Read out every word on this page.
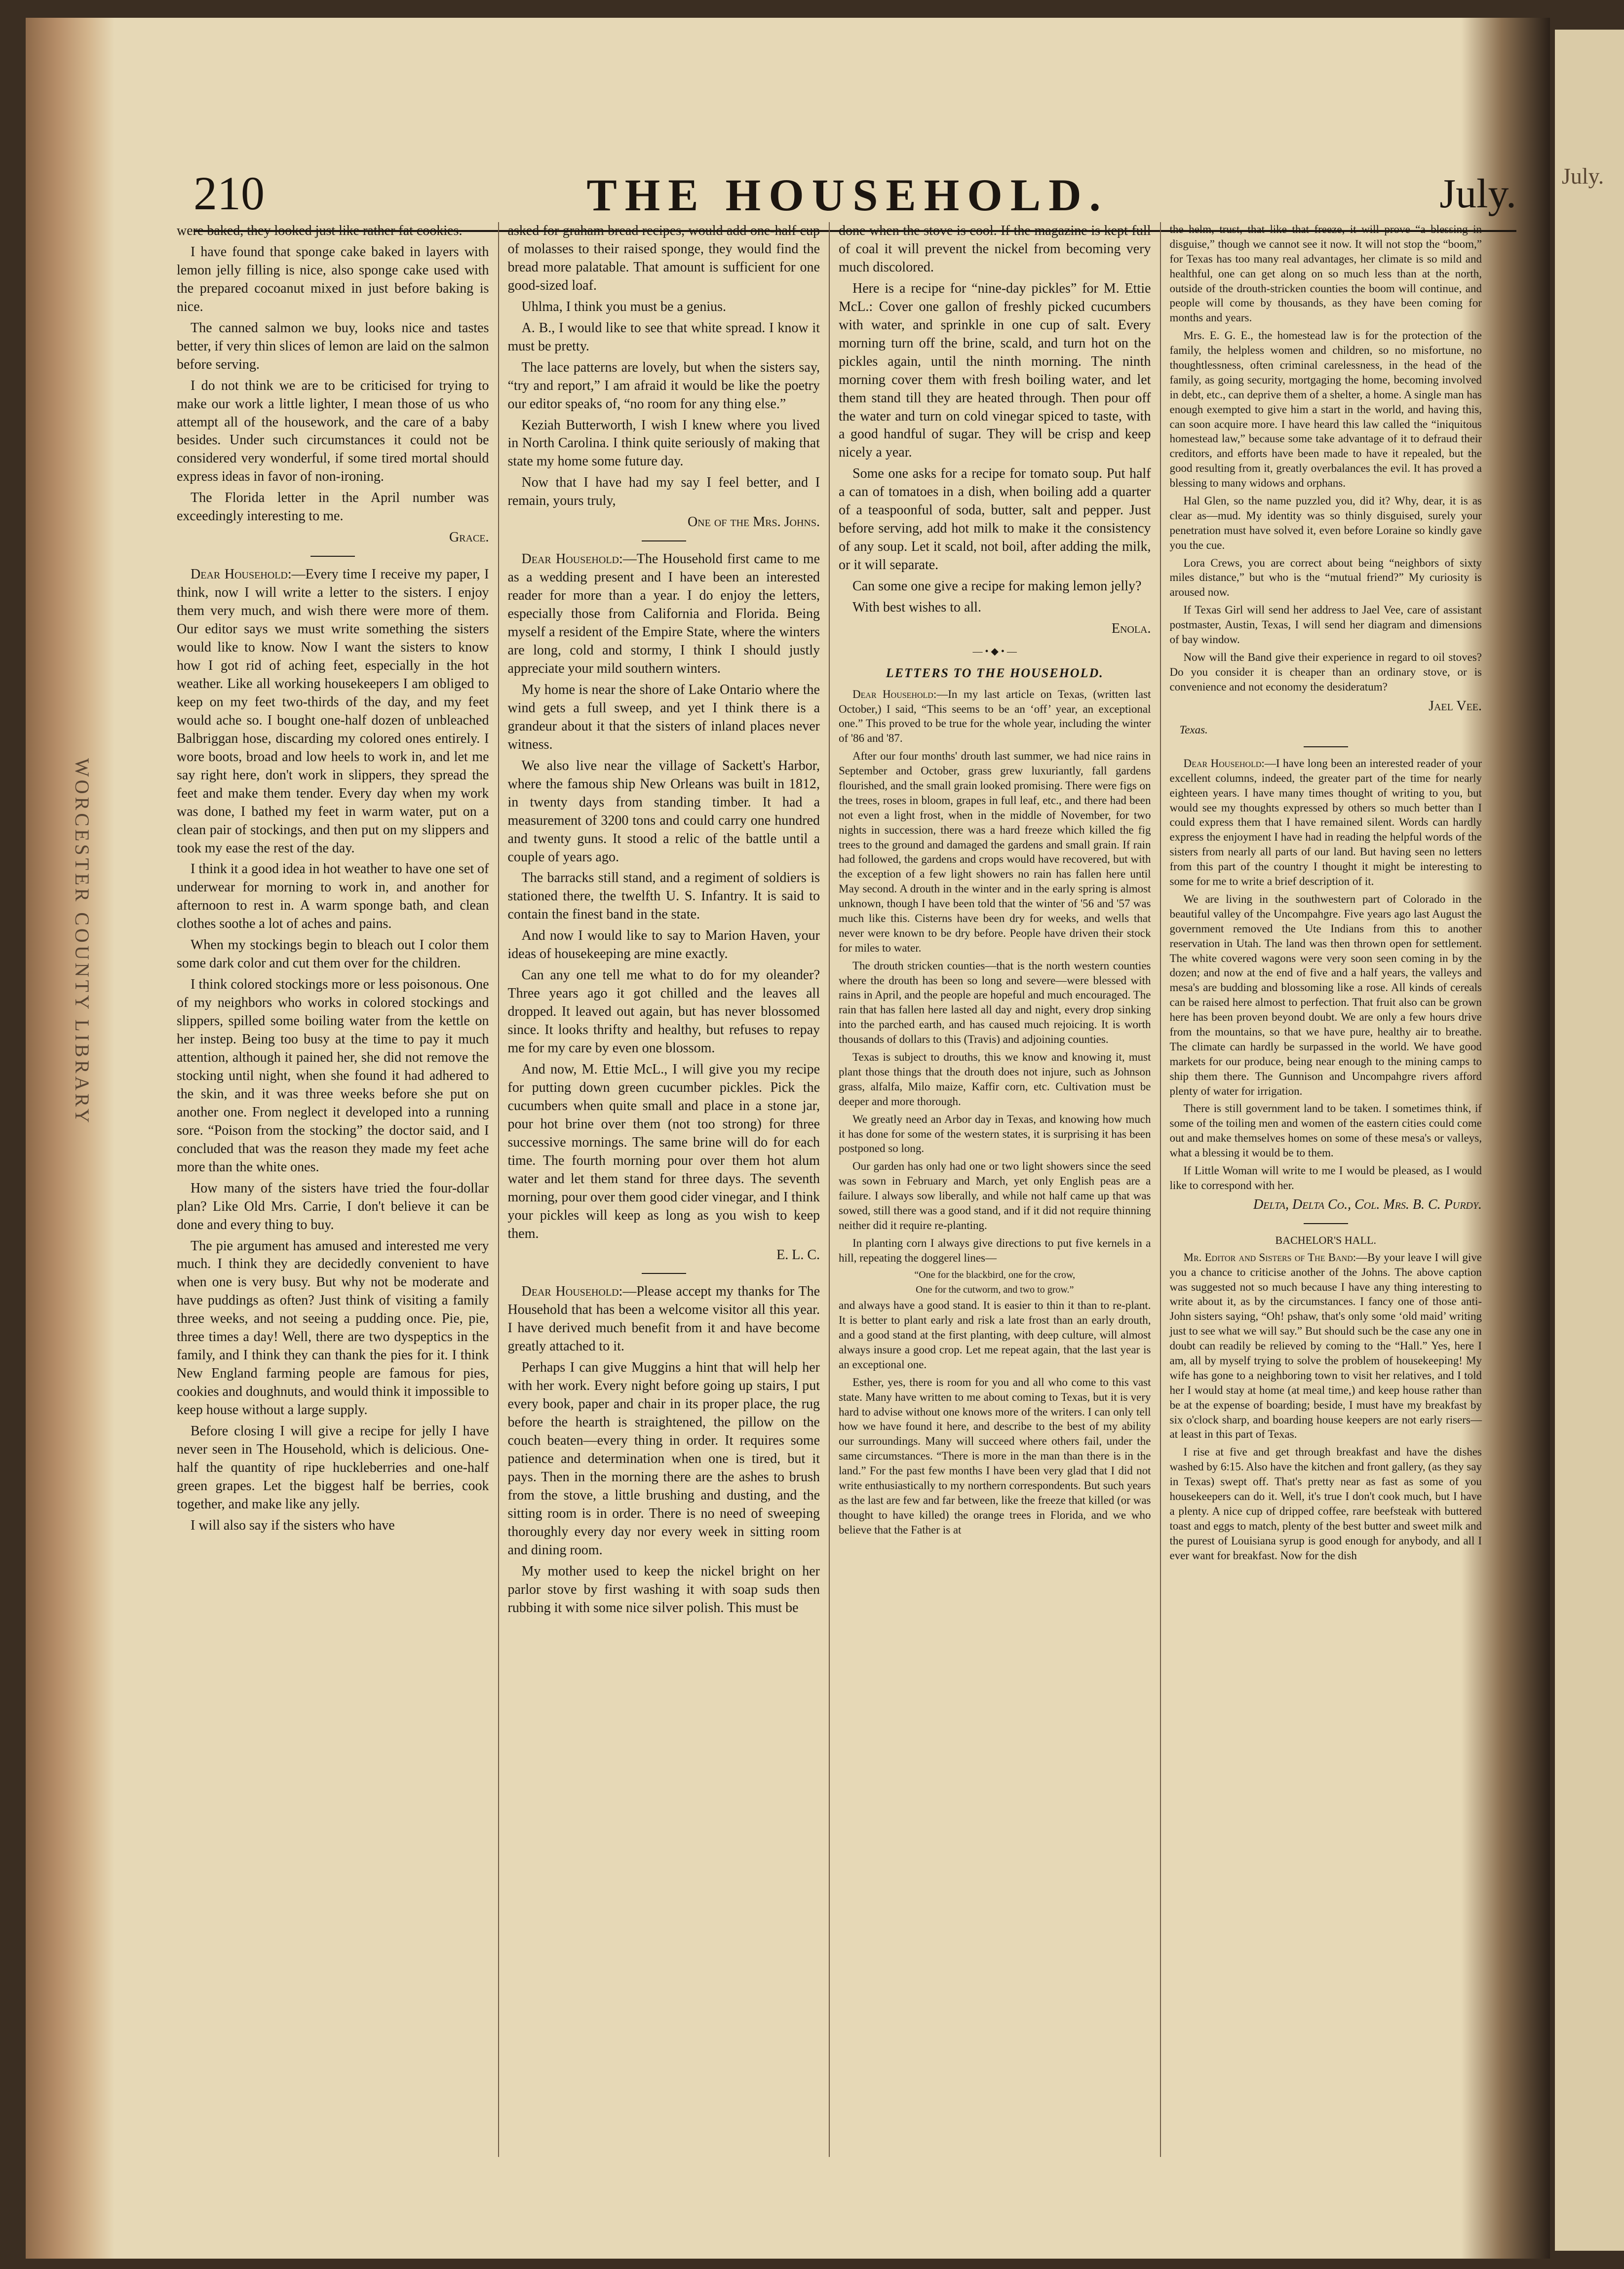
WORCESTER COUNTY LIBRARY
210	THE HOUSEHOLD.	July. July.

were baked, they looked just like rather fat cookies.

I have found that sponge cake baked in layers with lemon jelly filling is nice, also sponge cake used with the prepared cocoanut mixed in just before baking is nice.

The canned salmon we buy, looks nice and tastes better, if very thin slices of lemon are laid on the salmon before serving.

I do not think we are to be criticised for trying to make our work a little lighter, I mean those of us who attempt all of the housework, and the care of a baby besides. Under such circumstances it could not be considered very wonderful, if some tired mortal should express ideas in favor of non-ironing.

The Florida letter in the April number was exceedingly interesting to me.

Grace.

Dear Household:—Every time I receive my paper, I think, now I will write a letter to the sisters. I enjoy them very much, and wish there were more of them. Our editor says we must write something the sisters would like to know. Now I want the sisters to know how I got rid of aching feet, especially in the hot weather. Like all working housekeepers I am obliged to keep on my feet two-thirds of the day, and my feet would ache so. I bought one-half dozen of unbleached Balbriggan hose, discarding my colored ones entirely. I wore boots, broad and low heels to work in, and let me say right here, don't work in slippers, they spread the feet and make them tender. Every day when my work was done, I bathed my feet in warm water, put on a clean pair of stockings, and then put on my slippers and took my ease the rest of the day.

I think it a good idea in hot weather to have one set of underwear for morning to work in, and another for afternoon to rest in. A warm sponge bath, and clean clothes soothe a lot of aches and pains.

When my stockings begin to bleach out I color them some dark color and cut them over for the children.

I think colored stockings more or less poisonous. One of my neighbors who works in colored stockings and slippers, spilled some boiling water from the kettle on her instep. Being too busy at the time to pay it much attention, although it pained her, she did not remove the stocking until night, when she found it had adhered to the skin, and it was three weeks before she put on another one. From neglect it developed into a running sore. “Poison from the stocking” the doctor said, and I concluded that was the reason they made my feet ache more than the white ones.

How many of the sisters have tried the four-dollar plan? Like Old Mrs. Carrie, I don't believe it can be done and every thing to buy.

The pie argument has amused and interested me very much. I think they are decidedly convenient to have when one is very busy. But why not be moderate and have puddings as often? Just think of visiting a family three weeks, and not seeing a pudding once. Pie, pie, three times a day! Well, there are two dyspeptics in the family, and I think they can thank the pies for it. I think New England farming people are famous for pies, cookies and doughnuts, and would think it impossible to keep house without a large supply.

Before closing I will give a recipe for jelly I have never seen in The Household, which is delicious. One-half the quantity of ripe huckleberries and one-half green grapes. Let the biggest half be berries, cook together, and make like any jelly.

I will also say if the sisters who have

asked for graham bread recipes, would add one-half cup of molasses to their raised sponge, they would find the bread more palatable. That amount is sufficient for one good-sized loaf.

Uhlma, I think you must be a genius.

A. B., I would like to see that white spread. I know it must be pretty.

The lace patterns are lovely, but when the sisters say, “try and report,” I am afraid it would be like the poetry our editor speaks of, “no room for any thing else.”

Keziah Butterworth, I wish I knew where you lived in North Carolina. I think quite seriously of making that state my home some future day.

Now that I have had my say I feel better, and I remain, yours truly,

One of the Mrs. Johns.

Dear Household:—The Household first came to me as a wedding present and I have been an interested reader for more than a year. I do enjoy the letters, especially those from California and Florida. Being myself a resident of the Empire State, where the winters are long, cold and stormy, I think I should justly appreciate your mild southern winters.

My home is near the shore of Lake Ontario where the wind gets a full sweep, and yet I think there is a grandeur about it that the sisters of inland places never witness.

We also live near the village of Sackett's Harbor, where the famous ship New Orleans was built in 1812, in twenty days from standing timber. It had a measurement of 3200 tons and could carry one hundred and twenty guns. It stood a relic of the battle until a couple of years ago.

The barracks still stand, and a regiment of soldiers is stationed there, the twelfth U. S. Infantry. It is said to contain the finest band in the state.

And now I would like to say to Marion Haven, your ideas of housekeeping are mine exactly.

Can any one tell me what to do for my oleander? Three years ago it got chilled and the leaves all dropped. It leaved out again, but has never blossomed since. It looks thrifty and healthy, but refuses to repay me for my care by even one blossom.

And now, M. Ettie McL., I will give you my recipe for putting down green cucumber pickles. Pick the cucumbers when quite small and place in a stone jar, pour hot brine over them (not too strong) for three successive mornings. The same brine will do for each time. The fourth morning pour over them hot alum water and let them stand for three days. The seventh morning, pour over them good cider vinegar, and I think your pickles will keep as long as you wish to keep them.

E. L. C.

Dear Household:—Please accept my thanks for The Household that has been a welcome visitor all this year. I have derived much benefit from it and have become greatly attached to it.

Perhaps I can give Muggins a hint that will help her with her work. Every night before going up stairs, I put every book, paper and chair in its proper place, the rug before the hearth is straightened, the pillow on the couch beaten—every thing in order. It requires some patience and determination when one is tired, but it pays. Then in the morning there are the ashes to brush from the stove, a little brushing and dusting, and the sitting room is in order. There is no need of sweeping thoroughly every day nor every week in sitting room and dining room.

My mother used to keep the nickel bright on her parlor stove by first washing it with soap suds then rubbing it with some nice silver polish. This must be

done when the stove is cool. If the magazine is kept full of coal it will prevent the nickel from becoming very much discolored.

Here is a recipe for “nine-day pickles” for M. Ettie McL.: Cover one gallon of freshly picked cucumbers with water, and sprinkle in one cup of salt. Every morning turn off the brine, scald, and turn hot on the pickles again, until the ninth morning. The ninth morning cover them with fresh boiling water, and let them stand till they are heated through. Then pour off the water and turn on cold vinegar spiced to taste, with a good handful of sugar. They will be crisp and keep nicely a year.

Some one asks for a recipe for tomato soup. Put half a can of tomatoes in a dish, when boiling add a quarter of a teaspoonful of soda, butter, salt and pepper. Just before serving, add hot milk to make it the consistency of any soup. Let it scald, not boil, after adding the milk, or it will separate.

Can some one give a recipe for making lemon jelly?

With best wishes to all.

Enola.
— • ◆ • —
LETTERS TO THE HOUSEHOLD.

Dear Household:—In my last article on Texas, (written last October,) I said, “This seems to be an ‘off’ year, an exceptional one.” This proved to be true for the whole year, including the winter of '86 and '87.

After our four months' drouth last summer, we had nice rains in September and October, grass grew luxuriantly, fall gardens flourished, and the small grain looked promising. There were figs on the trees, roses in bloom, grapes in full leaf, etc., and there had been not even a light frost, when in the middle of November, for two nights in succession, there was a hard freeze which killed the fig trees to the ground and damaged the gardens and small grain. If rain had followed, the gardens and crops would have recovered, but with the exception of a few light showers no rain has fallen here until May second. A drouth in the winter and in the early spring is almost unknown, though I have been told that the winter of '56 and '57 was much like this. Cisterns have been dry for weeks, and wells that never were known to be dry before. People have driven their stock for miles to water.

The drouth stricken counties—that is the north western counties where the drouth has been so long and severe—were blessed with rains in April, and the people are hopeful and much encouraged. The rain that has fallen here lasted all day and night, every drop sinking into the parched earth, and has caused much rejoicing. It is worth thousands of dollars to this (Travis) and adjoining counties.

Texas is subject to drouths, this we know and knowing it, must plant those things that the drouth does not injure, such as Johnson grass, alfalfa, Milo maize, Kaffir corn, etc. Cultivation must be deeper and more thorough.

We greatly need an Arbor day in Texas, and knowing how much it has done for some of the western states, it is surprising it has been postponed so long.

Our garden has only had one or two light showers since the seed was sown in February and March, yet only English peas are a failure. I always sow liberally, and while not half came up that was sowed, still there was a good stand, and if it did not require thinning neither did it require re-planting.

In planting corn I always give directions to put five kernels in a hill, repeating the doggerel lines—

“One for the blackbird, one for the crow,
One for the cutworm, and two to grow.”

and always have a good stand. It is easier to thin it than to re-plant. It is better to plant early and risk a late frost than an early drouth, and a good stand at the first planting, with deep culture, will almost always insure a good crop. Let me repeat again, that the last year is an exceptional one.

Esther, yes, there is room for you and all who come to this vast state. Many have written to me about coming to Texas, but it is very hard to advise without one knows more of the writers. I can only tell how we have found it here, and describe to the best of my ability our surroundings. Many will succeed where others fail, under the same circumstances. “There is more in the man than there is in the land.” For the past few months I have been very glad that I did not write enthusiastically to my northern correspondents. But such years as the last are few and far between, like the freeze that killed (or was thought to have killed) the orange trees in Florida, and we who believe that the Father is at

the helm, trust, that like that freeze, it will prove “a blessing in disguise,” though we cannot see it now. It will not stop the “boom,” for Texas has too many real advantages, her climate is so mild and healthful, one can get along on so much less than at the north, outside of the drouth-stricken counties the boom will continue, and people will come by thousands, as they have been coming for months and years.

Mrs. E. G. E., the homestead law is for the protection of the family, the helpless women and children, so no misfortune, no thoughtlessness, often criminal carelessness, in the head of the family, as going security, mortgaging the home, becoming involved in debt, etc., can deprive them of a shelter, a home. A single man has enough exempted to give him a start in the world, and having this, can soon acquire more. I have heard this law called the “iniquitous homestead law,” because some take advantage of it to defraud their creditors, and efforts have been made to have it repealed, but the good resulting from it, greatly overbalances the evil. It has proved a blessing to many widows and orphans.

Hal Glen, so the name puzzled you, did it? Why, dear, it is as clear as—mud. My identity was so thinly disguised, surely your penetration must have solved it, even before Loraine so kindly gave you the cue.

Lora Crews, you are correct about being “neighbors of sixty miles distance,” but who is the “mutual friend?” My curiosity is aroused now.

If Texas Girl will send her address to Jael Vee, care of assistant postmaster, Austin, Texas, I will send her diagram and dimensions of bay window.

Now will the Band give their experience in regard to oil stoves? Do you consider it is cheaper than an ordinary stove, or is convenience and not economy the desideratum?

Jael Vee.
Texas.

Dear Household:—I have long been an interested reader of your excellent columns, indeed, the greater part of the time for nearly eighteen years. I have many times thought of writing to you, but would see my thoughts expressed by others so much better than I could express them that I have remained silent. Words can hardly express the enjoyment I have had in reading the helpful words of the sisters from nearly all parts of our land. But having seen no letters from this part of the country I thought it might be interesting to some for me to write a brief description of it.

We are living in the southwestern part of Colorado in the beautiful valley of the Uncompahgre. Five years ago last August the government removed the Ute Indians from this to another reservation in Utah. The land was then thrown open for settlement. The white covered wagons were very soon seen coming in by the dozen; and now at the end of five and a half years, the valleys and mesa's are budding and blossoming like a rose. All kinds of cereals can be raised here almost to perfection. That fruit also can be grown here has been proven beyond doubt. We are only a few hours drive from the mountains, so that we have pure, healthy air to breathe. The climate can hardly be surpassed in the world. We have good markets for our produce, being near enough to the mining camps to ship them there. The Gunnison and Uncompahgre rivers afford plenty of water for irrigation.

There is still government land to be taken. I sometimes think, if some of the toiling men and women of the eastern cities could come out and make themselves homes on some of these mesa's or valleys, what a blessing it would be to them.

If Little Woman will write to me I would be pleased, as I would like to correspond with her.

Delta, Delta Co., Col. Mrs. B. C. Purdy.
BACHELOR'S HALL.

Mr. Editor and Sisters of The Band:—By your leave I will give you a chance to criticise another of the Johns. The above caption was suggested not so much because I have any thing interesting to write about it, as by the circumstances. I fancy one of those anti-John sisters saying, “Oh! pshaw, that's only some ‘old maid’ writing just to see what we will say.” But should such be the case any one in doubt can readily be relieved by coming to the “Hall.” Yes, here I am, all by myself trying to solve the problem of housekeeping! My wife has gone to a neighboring town to visit her relatives, and I told her I would stay at home (at meal time,) and keep house rather than be at the expense of boarding; beside, I must have my breakfast by six o'clock sharp, and boarding house keepers are not early risers—at least in this part of Texas.

I rise at five and get through breakfast and have the dishes washed by 6:15. Also have the kitchen and front gallery, (as they say in Texas) swept off. That's pretty near as fast as some of you housekeepers can do it. Well, it's true I don't cook much, but I have a plenty. A nice cup of dripped coffee, rare beefsteak with buttered toast and eggs to match, plenty of the best butter and sweet milk and the purest of Louisiana syrup is good enough for anybody, and all I ever want for breakfast. Now for the dish
